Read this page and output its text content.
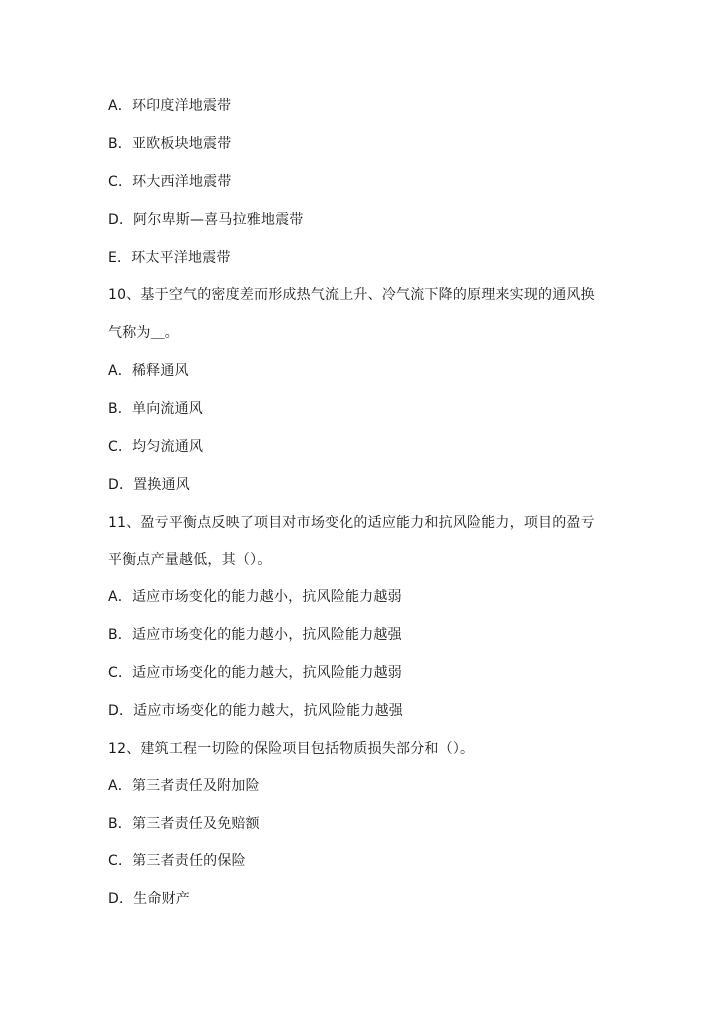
A．环印度洋地震带
B．亚欧板块地震带
C．环大西洋地震带
D．阿尔卑斯—喜马拉雅地震带
E．环太平洋地震带
10、基于空气的密度差而形成热气流上升、冷气流下降的原理来实现的通风换
气称为＿。
A．稀释通风
B．单向流通风
C．均匀流通风
D．置换通风
11、盈亏平衡点反映了项目对市场变化的适应能力和抗风险能力，项目的盈亏
平衡点产量越低，其（）。
A．适应市场变化的能力越小，抗风险能力越弱
B．适应市场变化的能力越小，抗风险能力越强
C．适应市场变化的能力越大，抗风险能力越弱
D．适应市场变化的能力越大，抗风险能力越强
12、建筑工程一切险的保险项目包括物质损失部分和（）。
A．第三者责任及附加险
B．第三者责任及免赔额
C．第三者责任的保险
D．生命财产
